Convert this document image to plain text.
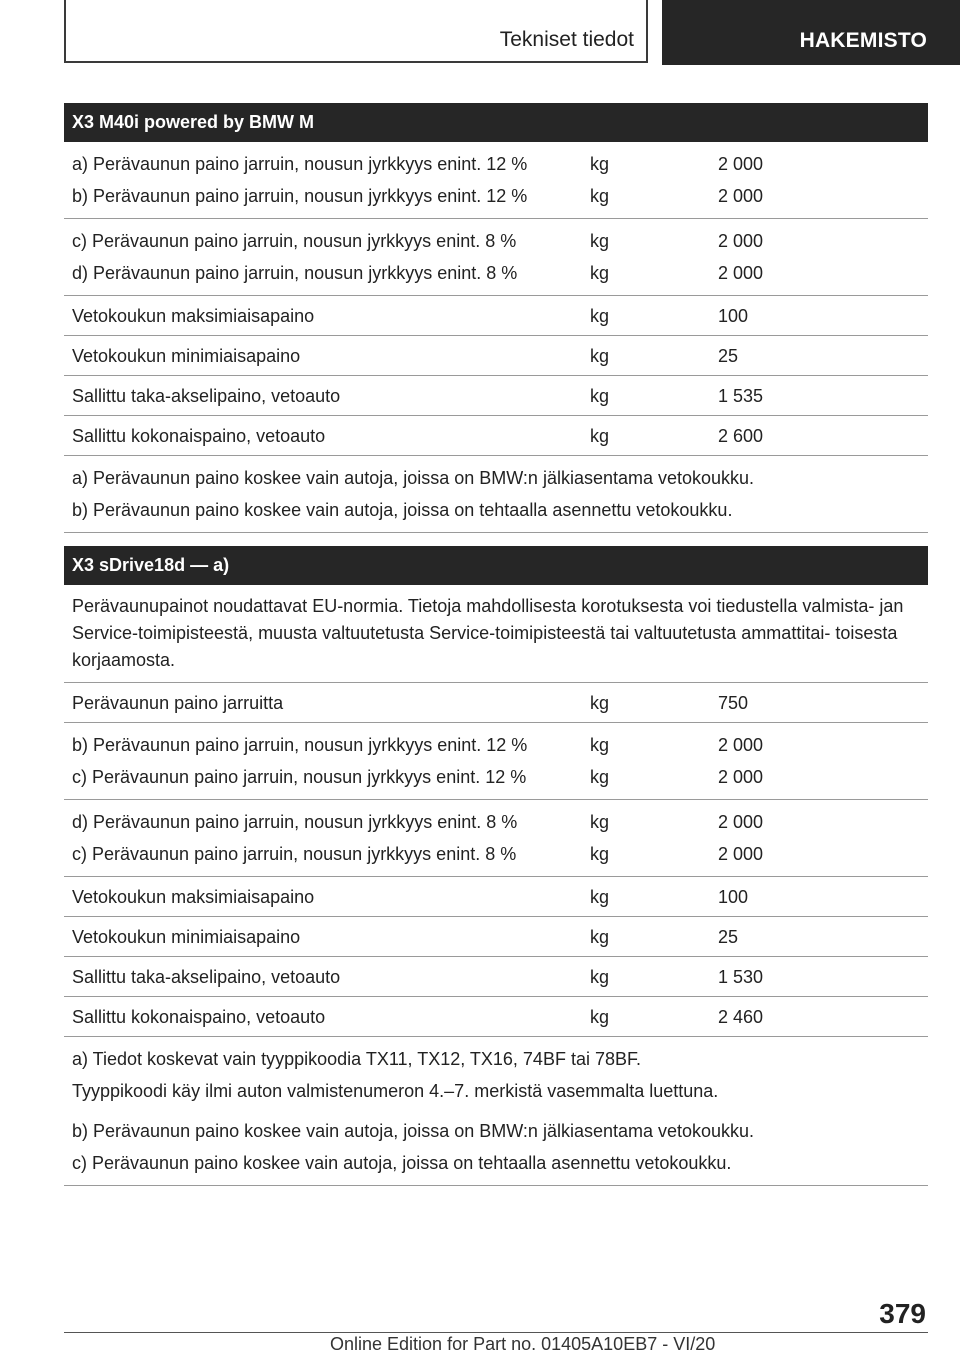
Tekniset tiedot	HAKEMISTO
X3 M40i powered by BMW M
a) Perävaunun paino jarruin, nousun jyrkkyys enint. 12 %	kg	2 000
b) Perävaunun paino jarruin, nousun jyrkkyys enint. 12 %	kg	2 000
c) Perävaunun paino jarruin, nousun jyrkkyys enint. 8 %	kg	2 000
d) Perävaunun paino jarruin, nousun jyrkkyys enint. 8 %	kg	2 000
Vetokoukun maksimiaisapaino	kg	100
Vetokoukun minimiaisapaino	kg	25
Sallittu taka-akselipaino, vetoauto	kg	1 535
Sallittu kokonaispaino, vetoauto	kg	2 600
a) Perävaunun paino koskee vain autoja, joissa on BMW:n jälkiasentama vetokoukku.
b) Perävaunun paino koskee vain autoja, joissa on tehtaalla asennettu vetokoukku.
X3 sDrive18d — a)
Perävaunupainot noudattavat EU-normia. Tietoja mahdollisesta korotuksesta voi tiedustella valmista- jan Service-toimipisteestä, muusta valtuutetusta Service-toimipisteestä tai valtuutetusta ammattitai- toisesta korjaamosta.
Perävaunun paino jarruitta	kg	750
b) Perävaunun paino jarruin, nousun jyrkkyys enint. 12 %	kg	2 000
c) Perävaunun paino jarruin, nousun jyrkkyys enint. 12 %	kg	2 000
d) Perävaunun paino jarruin, nousun jyrkkyys enint. 8 %	kg	2 000
c) Perävaunun paino jarruin, nousun jyrkkyys enint. 8 %	kg	2 000
Vetokoukun maksimiaisapaino	kg	100
Vetokoukun minimiaisapaino	kg	25
Sallittu taka-akselipaino, vetoauto	kg	1 530
Sallittu kokonaispaino, vetoauto	kg	2 460
a) Tiedot koskevat vain tyyppikoodia TX11, TX12, TX16, 74BF tai 78BF.
Tyyppikoodi käy ilmi auton valmistenumeron 4.–7. merkistä vasemmalta luettuna.
b) Perävaunun paino koskee vain autoja, joissa on BMW:n jälkiasentama vetokoukku.
c) Perävaunun paino koskee vain autoja, joissa on tehtaalla asennettu vetokoukku.
379
Online Edition for Part no. 01405A10EB7 - VI/20
